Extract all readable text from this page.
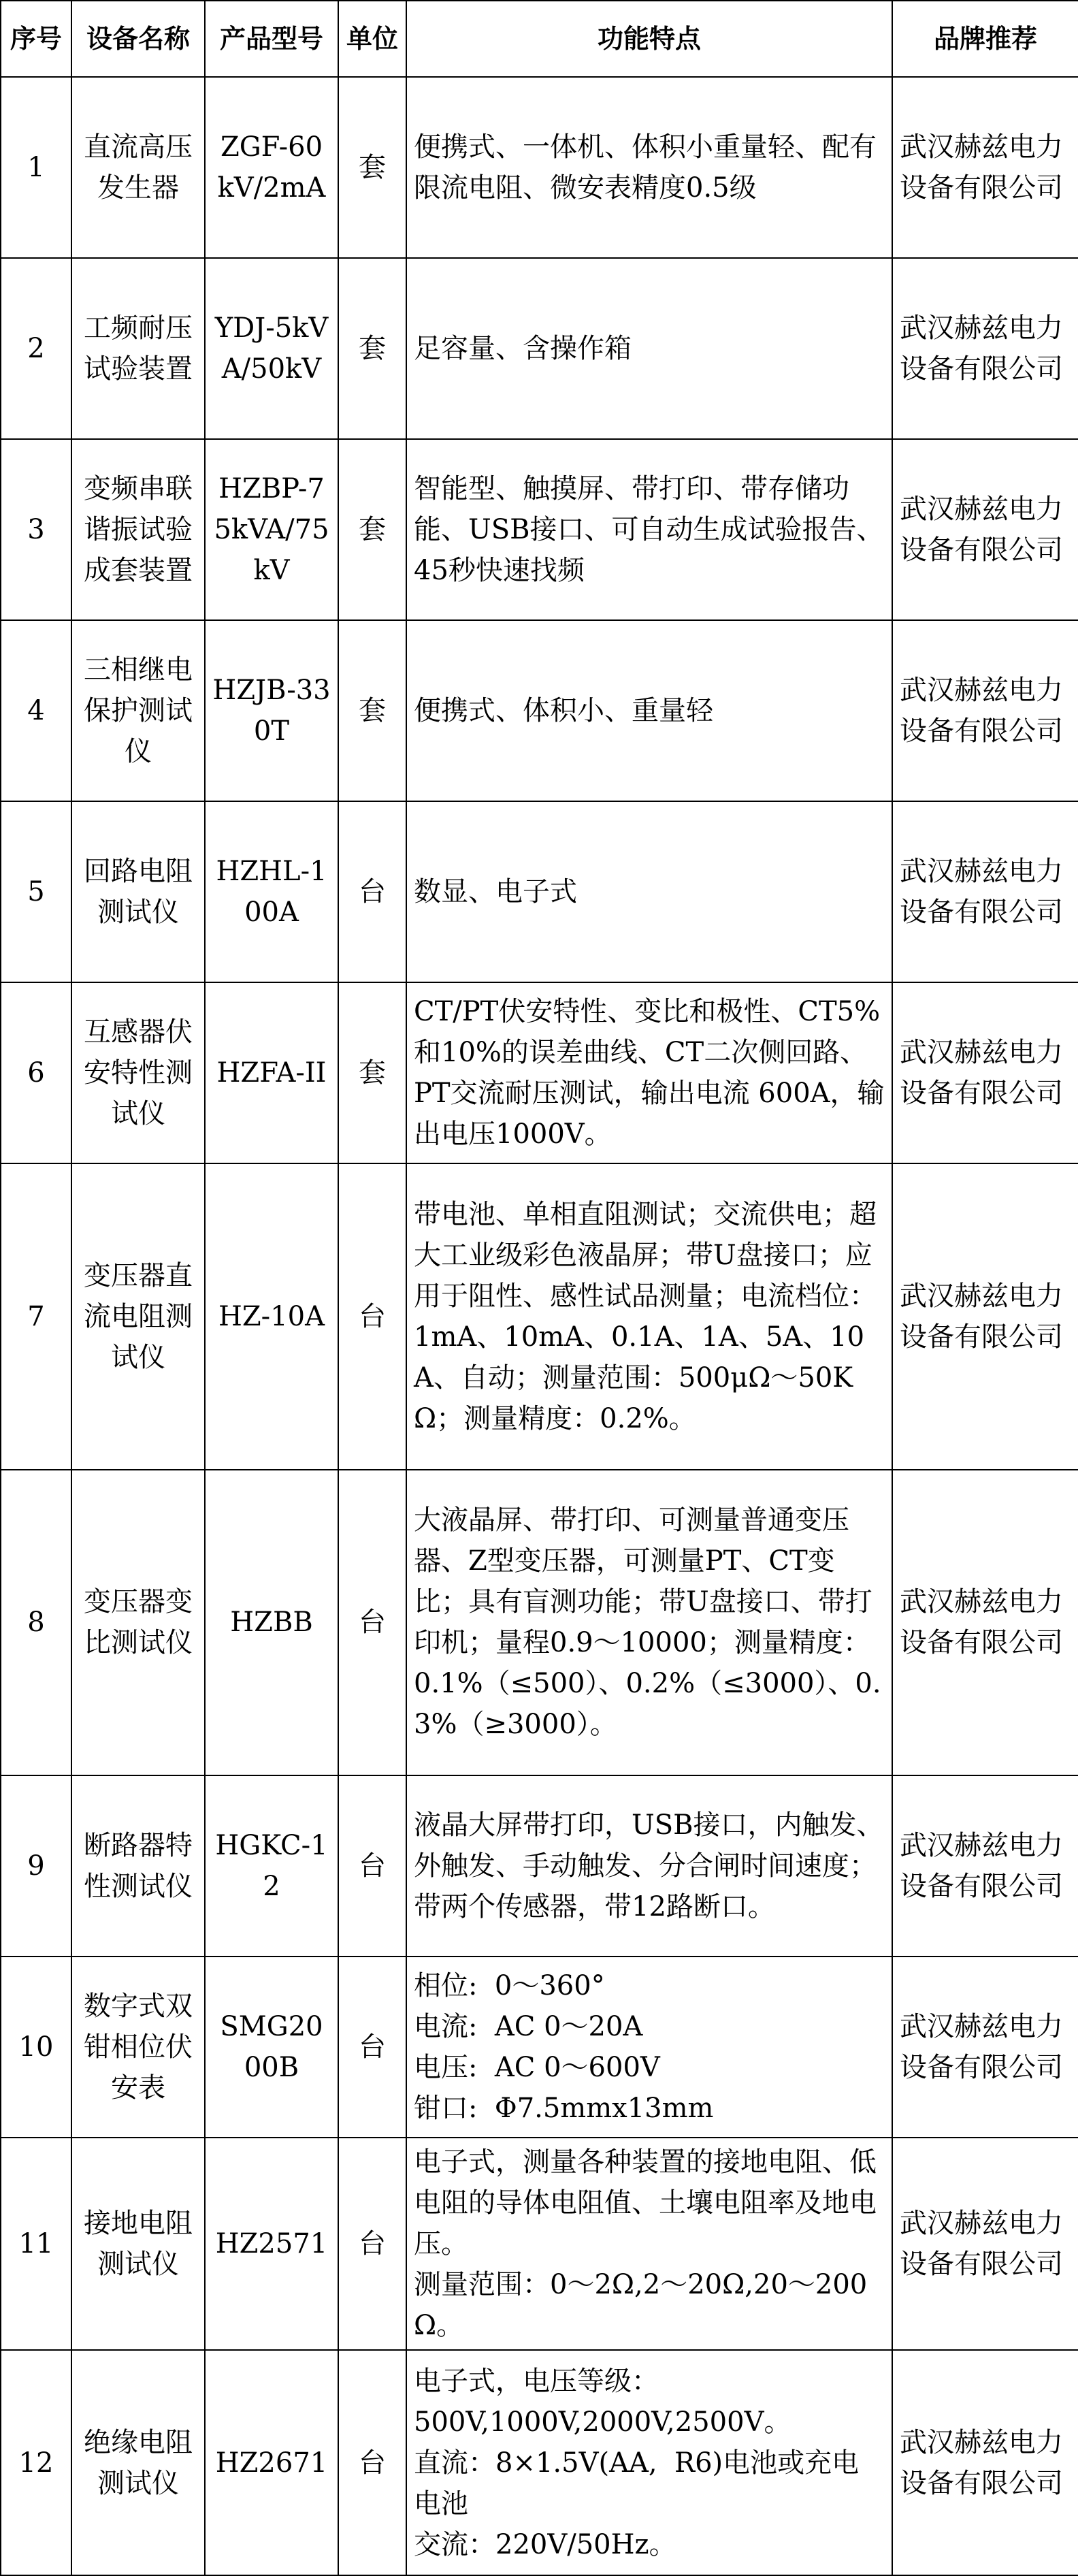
序号	设备名称	产品型号	单位	功能特点	品牌推荐
1	直流高压发生器	ZGF-60kV/2mA	套	便携式、一体机、体积小重量轻、配有限流电阻、微安表精度0.5级	武汉赫兹电力设备有限公司
2	工频耐压试验装置	YDJ-5kVA/50kV	套	足容量、含操作箱	武汉赫兹电力设备有限公司
3	变频串联谐振试验成套装置	HZBP-75kVA/75kV	套	智能型、触摸屏、带打印、带存储功能、USB接口、可自动生成试验报告、 45秒快速找频	武汉赫兹电力设备有限公司
4	三相继电保护测试仪	HZJB-330T	套	便携式、体积小、重量轻	武汉赫兹电力设备有限公司
5	回路电阻测试仪	HZHL-100A	台	数显、电子式	武汉赫兹电力设备有限公司
6	互感器伏安特性测试仪	HZFA-II	套	CT/PT伏安特性、变比和极性、CT5% 和10%的误差曲线、CT二次侧回路、PT交流耐压测试，输出电流 600A，输出电压1000V。	武汉赫兹电力设备有限公司
7	变压器直流电阻测试仪	HZ-10A	台	带电池、单相直阻测试；交流供电；超大工业级彩色液晶屏；带U盘接口；应用于阻性、感性试品测量；电流档位：1mA、10mA、0.1A、1A、5A、10A、自动；测量范围：500μΩ～50KΩ；测量精度：0.2%。	武汉赫兹电力设备有限公司
8	变压器变比测试仪	HZBB	台	大液晶屏、带打印、可测量普通变压器、Z型变压器，可测量PT、CT变比；具有盲测功能；带U盘接口、带打印机；量程0.9～10000；测量精度：0.1%（≤500）、0.2%（≤3000）、0.3%（≥3000）。	武汉赫兹电力设备有限公司
9	断路器特性测试仪	HGKC-12	台	液晶大屏带打印，USB接口，内触发、外触发、手动触发、分合闸时间速度；带两个传感器，带12路断口。	武汉赫兹电力设备有限公司
10	数字式双钳相位伏安表	SMG2000B	台	相位:  0～360°
电流:  AC 0～20A
电压:  AC 0～600V
钳口:  Φ7.5mmx13mm	武汉赫兹电力设备有限公司
11	接地电阻测试仪	HZ2571	台	电子式，测量各种装置的接地电阻、低电阻的导体电阻值、土壤电阻率及地电压。
测量范围：0～2Ω,2～20Ω,20～200Ω。	武汉赫兹电力设备有限公司
12	绝缘电阻测试仪	HZ2671	台	电子式，电压等级：
500V,1000V,2000V,2500V。
直流：8×1.5V(AA,  R6)电池或充电电池
交流：220V/50Hz。	武汉赫兹电力设备有限公司
